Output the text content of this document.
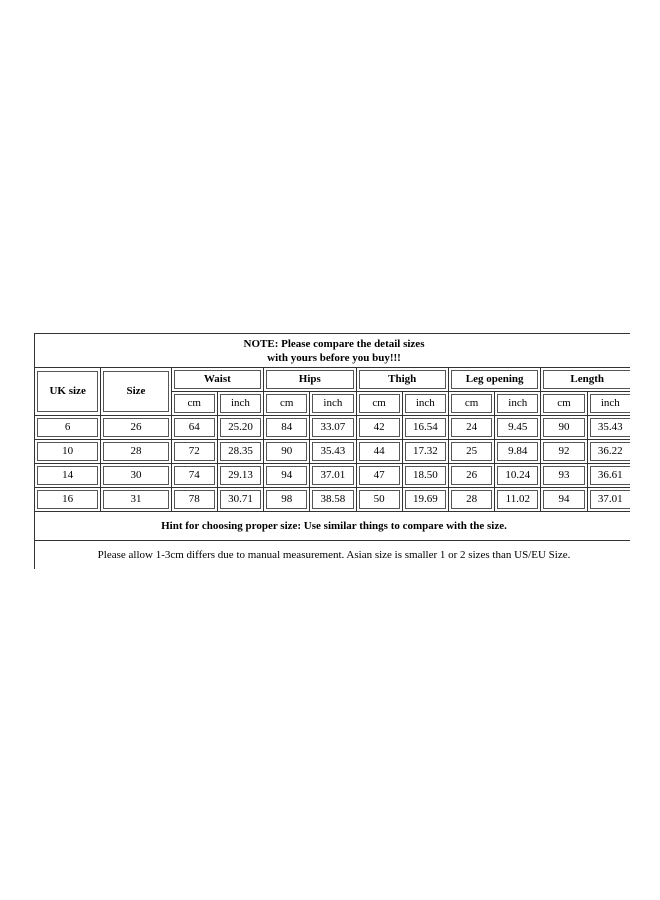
NOTE: Please compare the detail sizes
with yours before you buy!!!											

UK size	Size	Waist		Hips		Thigh		Leg opening		Length	

		cm	inch	cm	inch	cm	inch	cm	inch	cm	inch

6	26	64	25.20	84	33.07	42	16.54	24	9.45	90	35.43

10	28	72	28.35	90	35.43	44	17.32	25	9.84	92	36.22

14	30	74	29.13	94	37.01	47	18.50	26	10.24	93	36.61

16	31	78	30.71	98	38.58	50	19.69	28	11.02	94	37.01

Hint for choosing proper size: Use similar things to compare with the size.											
Please allow 1-3cm differs due to manual measurement. Asian size is smaller 1 or 2 sizes than US/EU Size.											
